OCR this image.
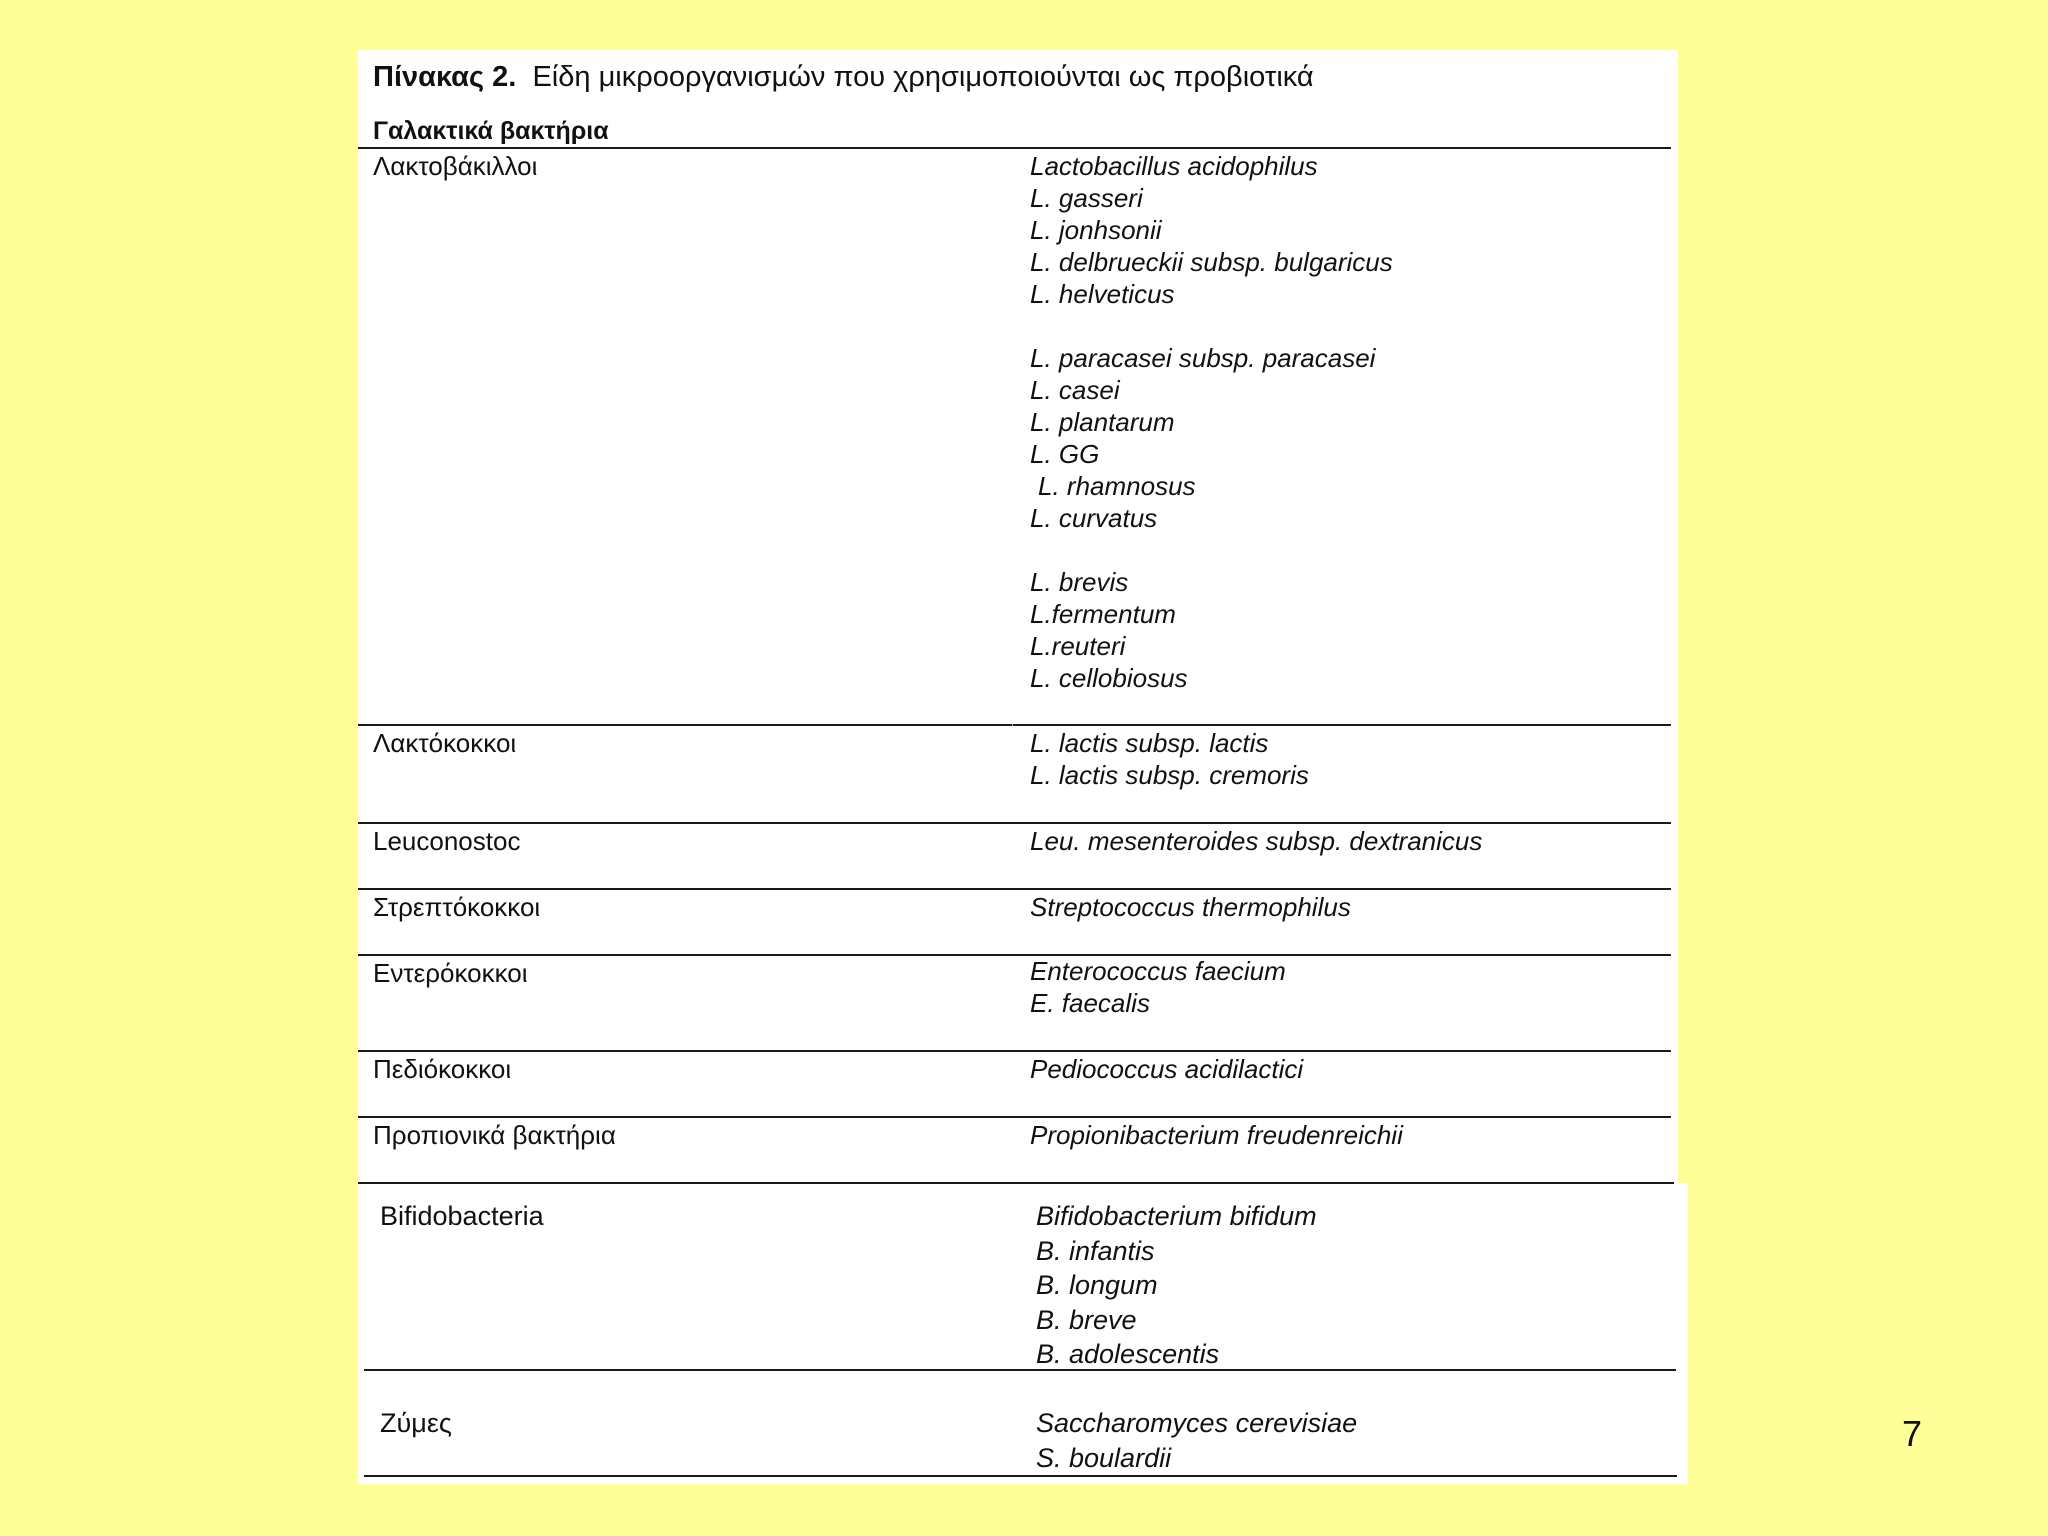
Πίνακας 2. Είδη μικροοργανισμών που χρησιμοποιούνται ως προβιοτικά
Γαλακτικά βακτήρια
Λακτοβάκιλλοι	Lactobacillus acidophilus
L. gasseri
L. jonhsonii
L. delbrueckii subsp. bulgaricus
L. helveticus
L. paracasei subsp. paracasei
L. casei
L. plantarum
L. GG
L. rhamnosus
L. curvatus
L. brevis
L.fermentum
L.reuteri
L. cellobiosus
Λακτόκοκκοι	L. lactis subsp. lactis
L. lactis subsp. cremoris
Leuconostoc	Leu. mesenteroides subsp. dextranicus
Στρεπτόκοκκοι	Streptococcus thermophilus
Εντερόκοκκοι	Enterococcus faecium
E. faecalis
Πεδιόκοκκοι	Pediococcus acidilactici
Προπιονικά βακτήρια	Propionibacterium freudenreichii
Bifidobacteria	Bifidobacterium bifidum
B. infantis
B. longum
B. breve
B. adolescentis
Ζύμες	Saccharomyces cerevisiae
S. boulardii
7
